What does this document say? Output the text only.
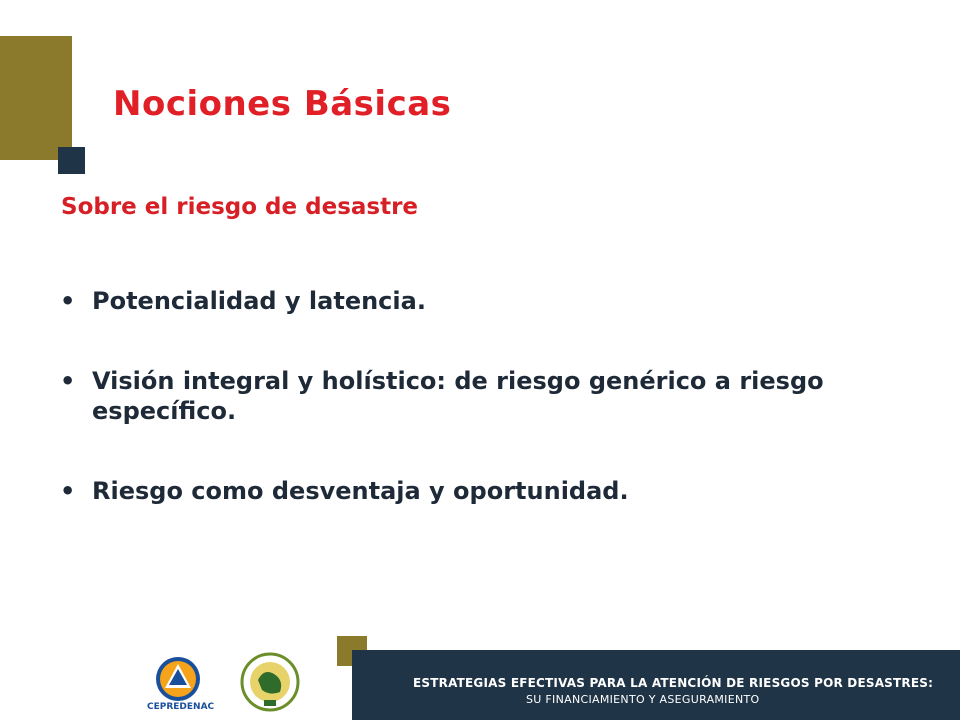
Nociones Básicas
Sobre el riesgo de desastre
• Potencialidad y latencia.
• Visión integral y holístico: de riesgo genérico a riesgo específico.
• Riesgo como desventaja y oportunidad.
CEPREDENAC
ESTRATEGIAS EFECTIVAS PARA LA ATENCIÓN DE RIESGOS POR DESASTRES:
SU FINANCIAMIENTO Y ASEGURAMIENTO
